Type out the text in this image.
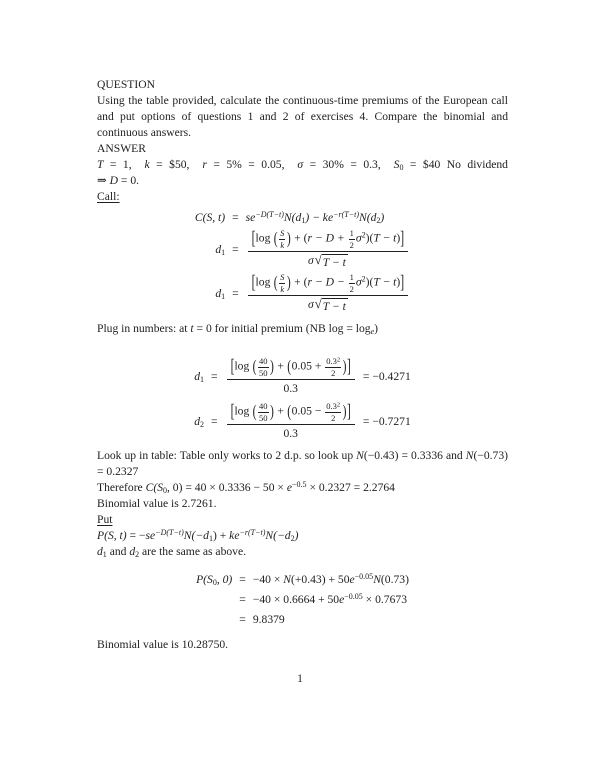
QUESTION
Using the table provided, calculate the continuous-time premiums of the European call and put options of questions 1 and 2 of exercises 4. Compare the binomial and continuous answers.
ANSWER
T = 1,  k = $50,  r = 5% = 0.05,  σ = 30% = 0.3,  $S_0$ = $40 No dividend
⇒ D = 0.
Call:
C(S, $t) = se^{-D(T-t)}N(d_1) - ke^{-r(T-t)}N(d_2)$
$d_1 = \frac{[\log ( \frac{S}{k} ) + (r - D + \frac{1}{2} \sigma^2)(T - t)]}{\sigma √ T - t}$
$d_1 = \frac{[\log ( \frac{S}{k} ) + (r - D - \frac{1}{2} \sigma^2)(T - t)]}{\sigma √ T - t}$
Plug in numbers: at t = 0 for initial premium (NB $\log = \log_e$)
$d_1 = \frac{[\log ( \frac{40}{50} ) + (0.05 + \frac{0.3^2}{2} )]}{0.3} = -0.4271$
$d_2 = \frac{[\log ( \frac{40}{50} ) + (0.05 - \frac{0.3^2}{2} )]}{0.3} = -0.7271$
Look up in table: Table only works to 2 d.p. so look up N(−0.43) = 0.3336 and N(−0.73) = 0.2327
Therefore $C(S_0$, $0) = 40 \times 0.3336 - 50 \times e^{-0.5} \times 0.2327 = 2.2764$
Binomial value is 2.7261.
Put
P(S, $t) = -se^{-D(T-t)}N(-d_1) + ke^{-r(T-t)}N(-d_2)$
$d_1$ and $d_2$ are the same as above.
$P(S_0$, $0) = -40 \times N(+0.43) + 50e^{-0.05}N(0.73)$
= $-40 \times 0.6664 + 50e^{-0.05} \times 0.7673$
= 9.8379
Binomial value is 10.28750.
1
